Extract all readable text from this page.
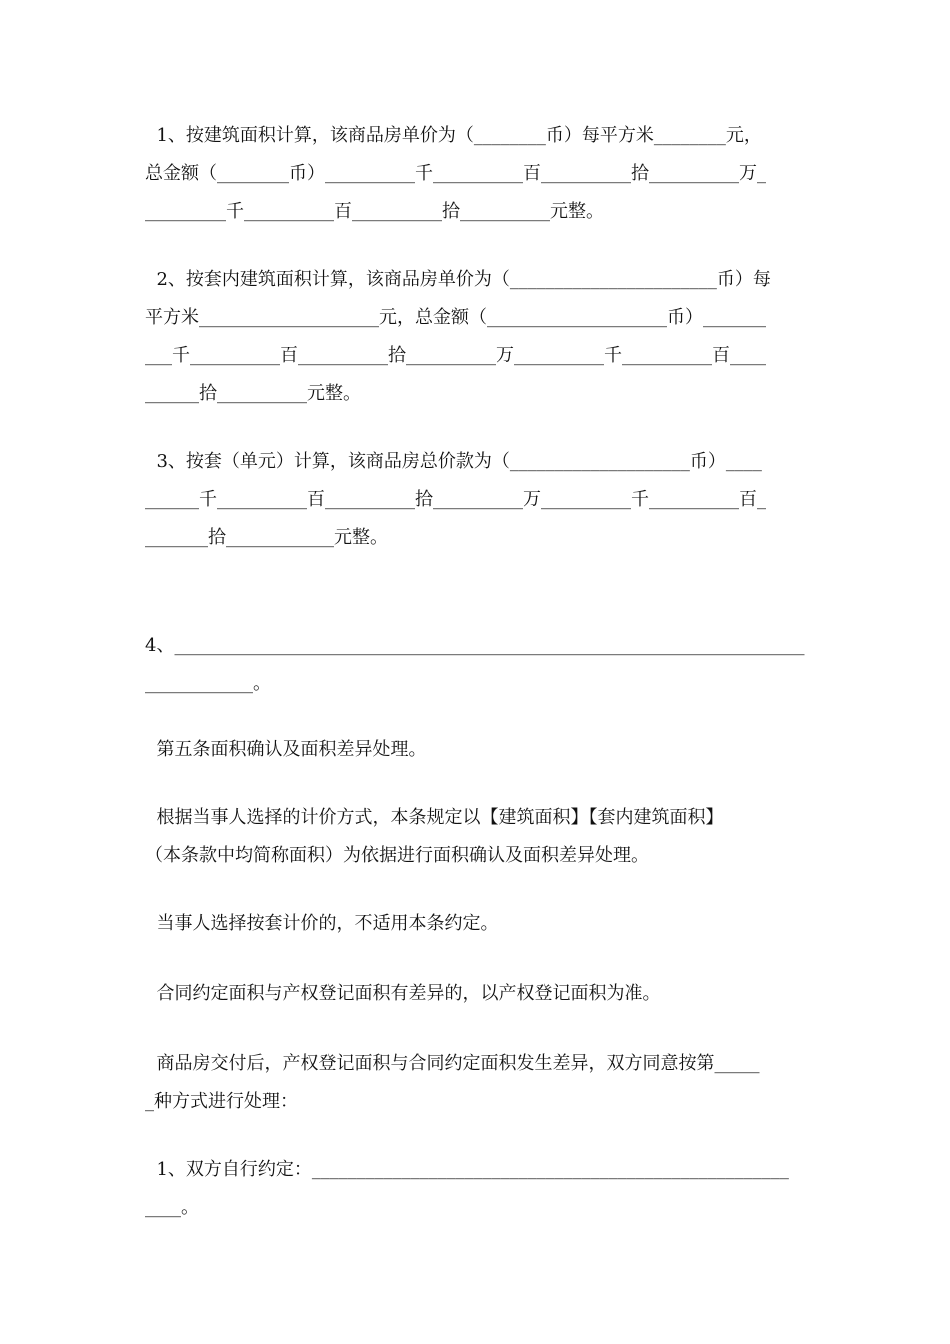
1、按建筑面积计算，该商品房单价为（________币）每平方米________元，
总金额（________币）__________千__________百__________拾__________万_
_________千__________百__________拾__________元整。
2、按套内建筑面积计算，该商品房单价为（_______________________币）每
平方米____________________元，总金额（____________________币）_______
___千__________百__________拾__________万__________千__________百____
______拾__________元整。
3、按套（单元）计算，该商品房总价款为（____________________币）____
______千__________百__________拾__________万__________千__________百_
_______拾____________元整。
4、______________________________________________________________________
____________。
第五条面积确认及面积差异处理。
根据当事人选择的计价方式，本条规定以【建筑面积】【套内建筑面积】
（本条款中均简称面积）为依据进行面积确认及面积差异处理。
当事人选择按套计价的，不适用本条约定。
合同约定面积与产权登记面积有差异的，以产权登记面积为准。
商品房交付后，产权登记面积与合同约定面积发生差异，双方同意按第_____
_种方式进行处理：
1、双方自行约定：_____________________________________________________
____。
